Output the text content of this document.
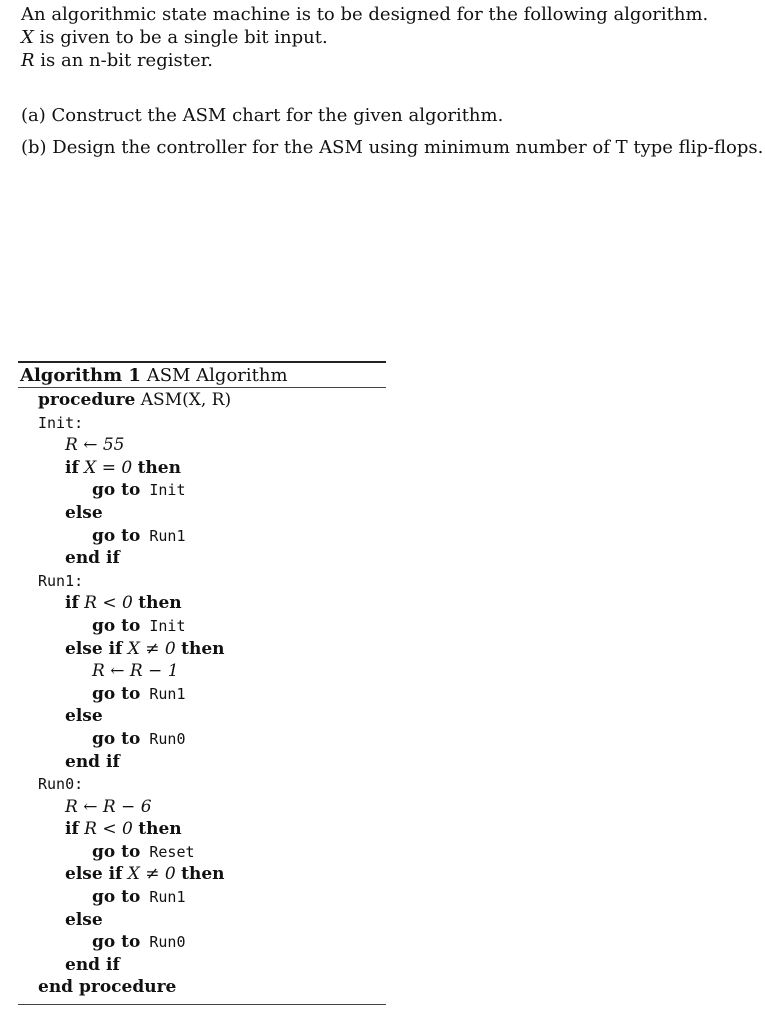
An algorithmic state machine is to be designed for the following algorithm.
X is given to be a single bit input.
R is an n-bit register.
(a) Construct the ASM chart for the given algorithm.
(b) Design the controller for the ASM using minimum number of T type flip-flops.
Algorithm 1 ASM Algorithm
procedure ASM(X, R)
Init:
R ← 55
if X = 0 then
go to Init
else
go to Run1
end if
Run1:
if R < 0 then
go to Init
else if X ≠ 0 then
R ← R − 1
go to Run1
else
go to Run0
end if
Run0:
R ← R − 6
if R < 0 then
go to Reset
else if X ≠ 0 then
go to Run1
else
go to Run0
end if
end procedure
